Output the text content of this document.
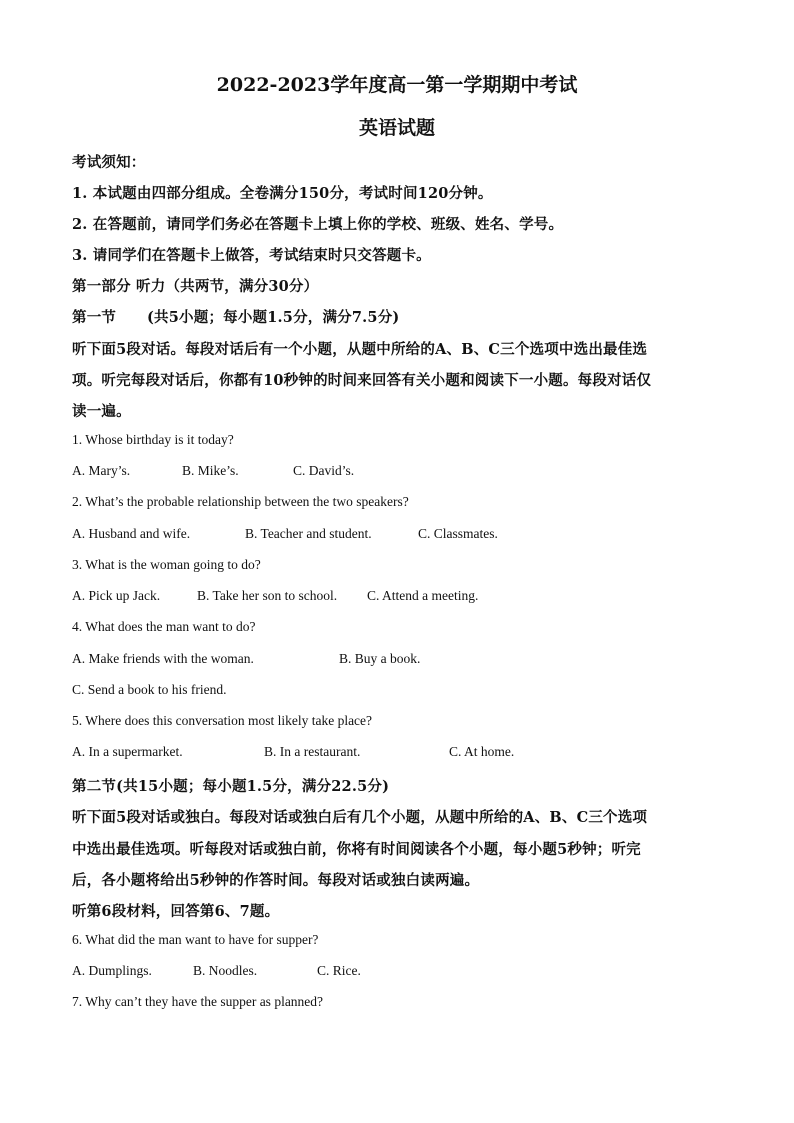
2022-2023学年度高一第一学期期中考试
英语试题
考试须知：
1. 本试题由四部分组成。全卷满分150分，考试时间120分钟。
2. 在答题前，请同学们务必在答题卡上填上你的学校、班级、姓名、学号。
3. 请同学们在答题卡上做答，考试结束时只交答题卡。
第一部分 听力（共两节，满分30分）
第一节 (共5小题；每小题1.5分，满分7.5分)
听下面5段对话。每段对话后有一个小题，从题中所给的A、B、C三个选项中选出最佳选
项。听完每段对话后，你都有10秒钟的时间来回答有关小题和阅读下一小题。每段对话仅
读一遍。
1. Whose birthday is it today?
A. Mary’s.	B. Mike’s.	C. David’s.
2. What’s the probable relationship between the two speakers?
A. Husband and wife.	B. Teacher and student.	C. Classmates.
3. What is the woman going to do?
A. Pick up Jack.	B. Take her son to school. C. Attend a meeting.
4. What does the man want to do?
A. Make friends with the woman.	B. Buy a book.
C. Send a book to his friend.
5. Where does this conversation most likely take place?
A. In a supermarket.	B. In a restaurant.	C. At home.
第二节(共15小题；每小题1.5分，满分22.5分)
听下面5段对话或独白。每段对话或独白后有几个小题，从题中所给的A、B、C三个选项
中选出最佳选项。听每段对话或独白前，你将有时间阅读各个小题，每小题5秒钟；听完
后，各小题将给出5秒钟的作答时间。每段对话或独白读两遍。
听第6段材料，回答第6、7题。
6. What did the man want to have for supper?
A. Dumplings.	B. Noodles.	C. Rice.
7. Why can’t they have the supper as planned?
